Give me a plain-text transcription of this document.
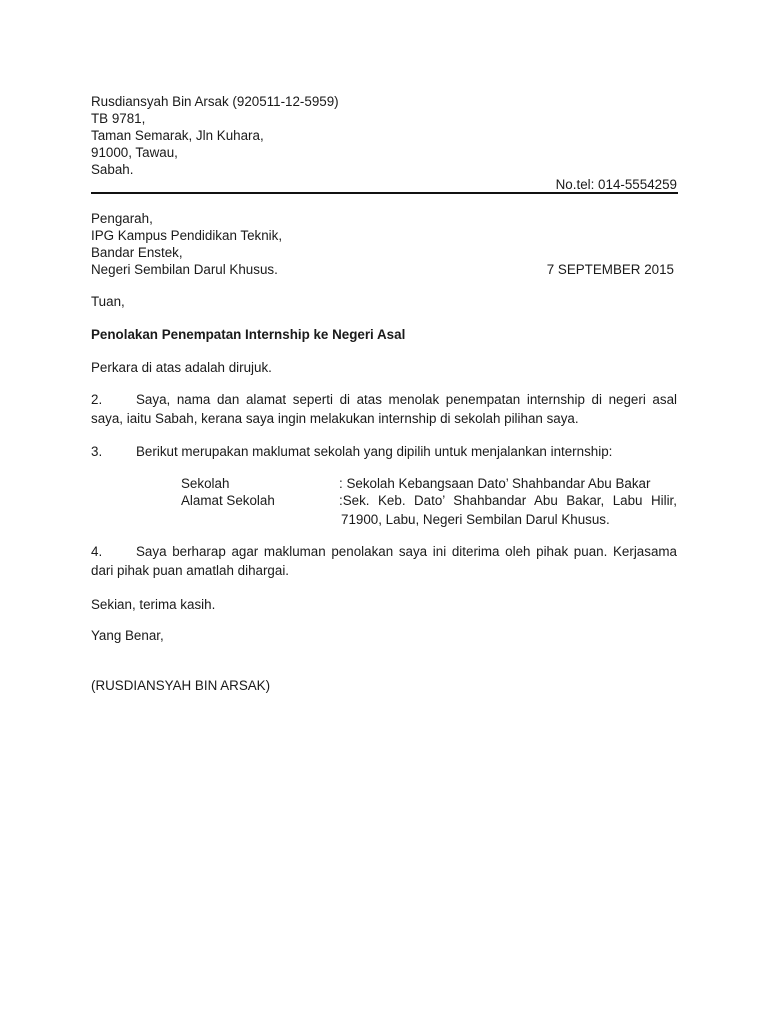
Rusdiansyah Bin Arsak (920511-12-5959)
TB 9781,
Taman Semarak, Jln Kuhara,
91000, Tawau,
Sabah.
No.tel: 014-5554259
Pengarah,
IPG Kampus Pendidikan Teknik,
Bandar Enstek,
Negeri Sembilan Darul Khusus.	7 SEPTEMBER 2015
Tuan,
Penolakan Penempatan Internship ke Negeri Asal
Perkara di atas adalah dirujuk.
2.	Saya, nama dan alamat seperti di atas menolak penempatan internship di negeri asal
saya, iaitu Sabah, kerana saya ingin melakukan internship di sekolah pilihan saya.
3.	Berikut merupakan maklumat sekolah yang dipilih untuk menjalankan internship:
Sekolah	: Sekolah Kebangsaan Dato’ Shahbandar Abu Bakar
Alamat Sekolah	:Sek. Keb. Dato’ Shahbandar Abu Bakar, Labu Hilir,
71900, Labu, Negeri Sembilan Darul Khusus.
4.	Saya berharap agar makluman penolakan saya ini diterima oleh pihak puan. Kerjasama
dari pihak puan amatlah dihargai.
Sekian, terima kasih.
Yang Benar,
(RUSDIANSYAH BIN ARSAK)
